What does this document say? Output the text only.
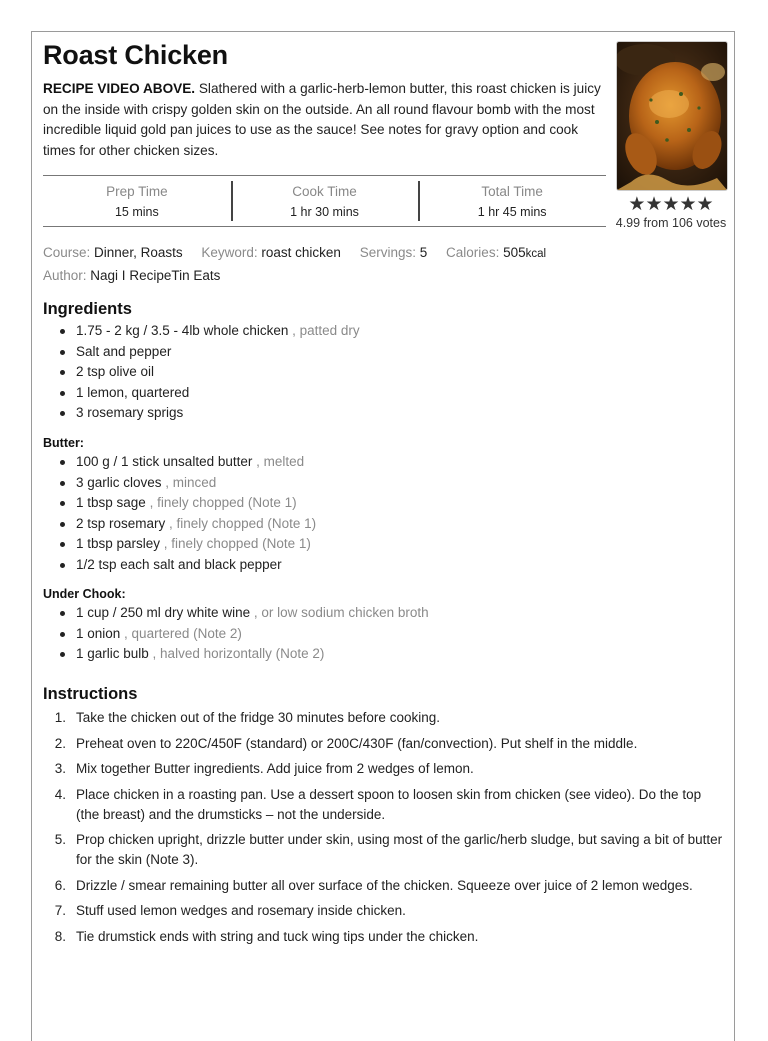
Roast Chicken
RECIPE VIDEO ABOVE. Slathered with a garlic-herb-lemon butter, this roast chicken is juicy on the inside with crispy golden skin on the outside. An all round flavour bomb with the most incredible liquid gold pan juices to use as the sauce! See notes for gravy option and cook times for other chicken sizes.
★★★★★
4.99 from 106 votes
Prep Time
15 mins
Cook Time
1 hr 30 mins
Total Time
1 hr 45 mins
Course: Dinner, Roasts Keyword: roast chicken Servings: 5 Calories: 505kcal
Author: Nagi I RecipeTin Eats
Ingredients
1.75 - 2 kg / 3.5 - 4lb whole chicken , patted dry
Salt and pepper
2 tsp olive oil
1 lemon, quartered
3 rosemary sprigs
Butter:
100 g / 1 stick unsalted butter , melted
3 garlic cloves , minced
1 tbsp sage , finely chopped (Note 1)
2 tsp rosemary , finely chopped (Note 1)
1 tbsp parsley , finely chopped (Note 1)
1/2 tsp each salt and black pepper
Under Chook:
1 cup / 250 ml dry white wine , or low sodium chicken broth
1 onion , quartered (Note 2)
1 garlic bulb , halved horizontally (Note 2)
Instructions
1. Take the chicken out of the fridge 30 minutes before cooking.
2. Preheat oven to 220C/450F (standard) or 200C/430F (fan/convection). Put shelf in the middle.
3. Mix together Butter ingredients. Add juice from 2 wedges of lemon.
4. Place chicken in a roasting pan. Use a dessert spoon to loosen skin from chicken (see video). Do the top (the breast) and the drumsticks – not the underside.
5. Prop chicken upright, drizzle butter under skin, using most of the garlic/herb sludge, but saving a bit of butter for the skin (Note 3).
6. Drizzle / smear remaining butter all over surface of the chicken. Squeeze over juice of 2 lemon wedges.
7. Stuff used lemon wedges and rosemary inside chicken.
8. Tie drumstick ends with string and tuck wing tips under the chicken.
